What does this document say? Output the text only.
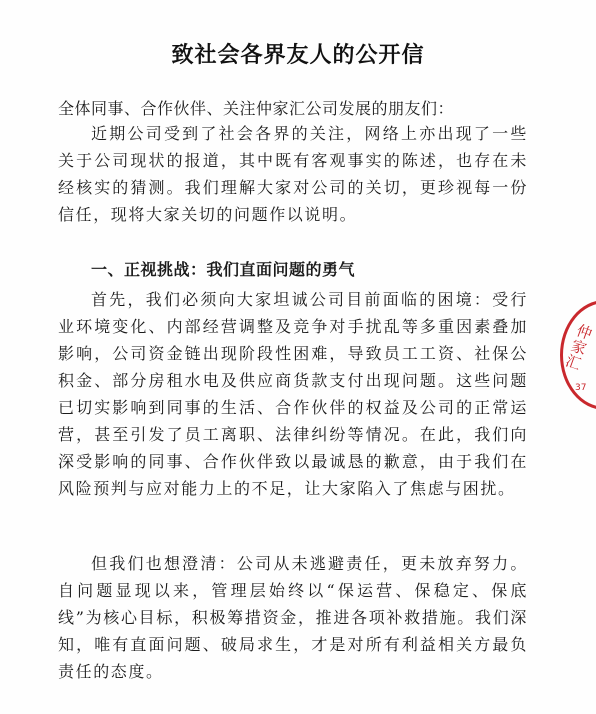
致社会各界友人的公开信
全体同事、合作伙伴、关注仲家汇公司发展的朋友们：

近期公司受到了社会各界的关注，网络上亦出现了一些关于公司现状的报道，其中既有客观事实的陈述，也存在未经核实的猜测。我们理解大家对公司的关切，更珍视每一份信任，现将大家关切的问题作以说明。

一、正视挑战：我们直面问题的勇气

首先，我们必须向大家坦诚公司目前面临的困境：受行业环境变化、内部经营调整及竞争对手扰乱等多重因素叠加影响，公司资金链出现阶段性困难，导致员工工资、社保公积金、部分房租水电及供应商货款支付出现问题。这些问题已切实影响到同事的生活、合作伙伴的权益及公司的正常运营，甚至引发了员工离职、法律纠纷等情况。在此，我们向深受影响的同事、合作伙伴致以最诚恳的歉意，由于我们在风险预判与应对能力上的不足，让大家陷入了焦虑与困扰。

但我们也想澄清：公司从未逃避责任，更未放弃努力。自问题显现以来，管理层始终以“保运营、保稳定、保底线”为核心目标，积极筹措资金，推进各项补救措施。我们深知，唯有直面问题、破局求生，才是对所有利益相关方最负责任的态度。

仲家汇
37
